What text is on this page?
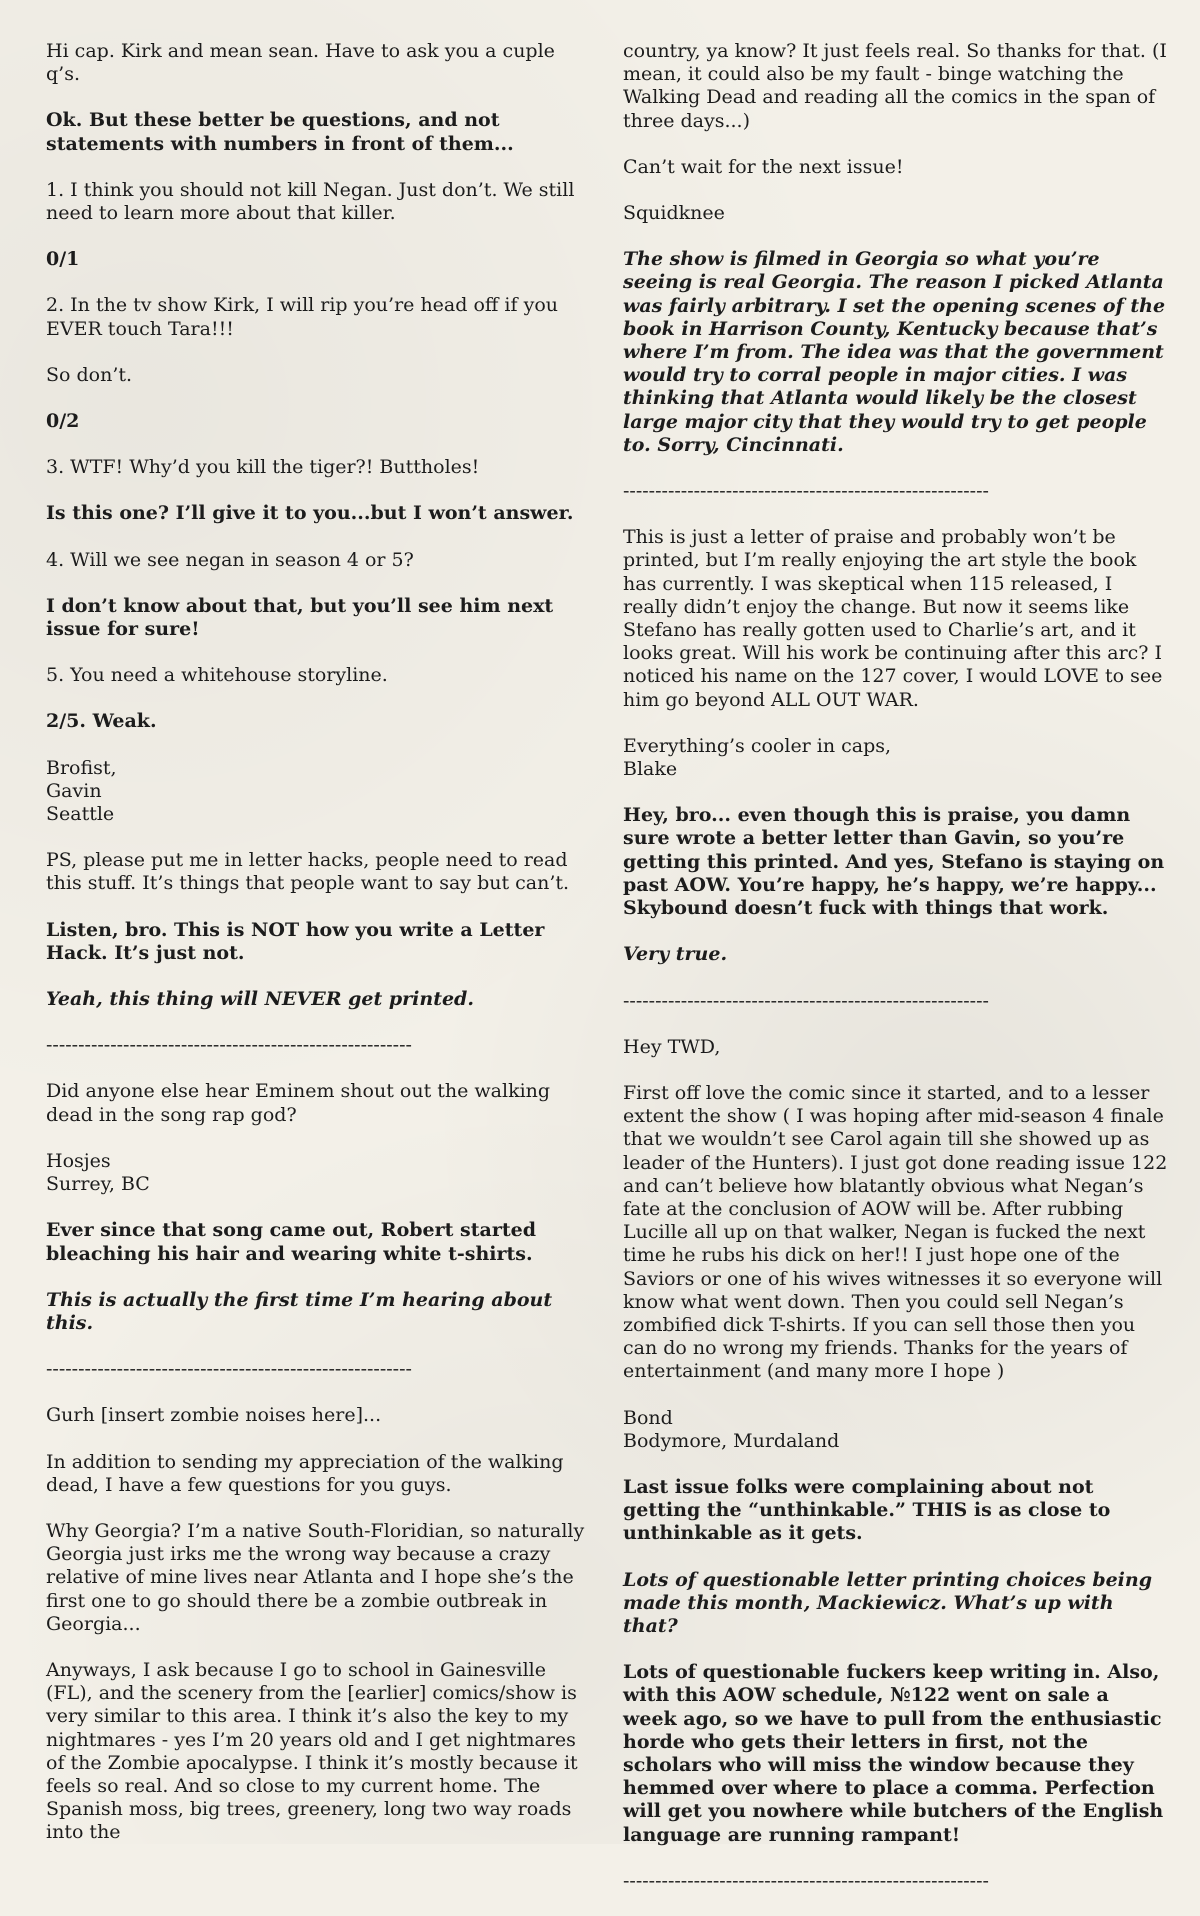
Hi cap. Kirk and mean sean. Have to ask you a cuple q’s.

Ok. But these better be questions, and not statements with numbers in front of them...

1. I think you should not kill Negan. Just don’t. We still need to learn more about that killer.

0/1

2. In the tv show Kirk, I will rip you’re head off if you EVER touch Tara!!!

So don’t.

0/2

3. WTF! Why’d you kill the tiger?! Buttholes!

Is this one? I’ll give it to you...but I won’t answer.

4. Will we see negan in season 4 or 5?

I don’t know about that, but you’ll see him next issue for sure!

5. You need a whitehouse storyline.

2/5. Weak.

Brofist,
Gavin
Seattle

PS, please put me in letter hacks, people need to read this stuff. It’s things that people want to say but can’t.

Listen, bro. This is NOT how you write a Letter Hack. It’s just not.

Yeah, this thing will NEVER get printed.

---------------------------------------------------------

Did anyone else hear Eminem shout out the walking dead in the song rap god?

Hosjes
Surrey, BC

Ever since that song came out, Robert started bleaching his hair and wearing white t-shirts.

This is actually the first time I’m hearing about this.

---------------------------------------------------------

Gurh [insert zombie noises here]...

In addition to sending my appreciation of the walking dead, I have a few questions for you guys.

Why Georgia? I’m a native South-Floridian, so naturally Georgia just irks me the wrong way because a crazy relative of mine lives near Atlanta and I hope she’s the first one to go should there be a zombie outbreak in Georgia...

Anyways, I ask because I go to school in Gainesville (FL), and the scenery from the [earlier] comics/show is very similar to this area. I think it’s also the key to my nightmares - yes I’m 20 years old and I get nightmares of the Zombie apocalypse. I think it’s mostly because it feels so real. And so close to my current home. The Spanish moss, big trees, greenery, long two way roads into the

country, ya know? It just feels real. So thanks for that. (I mean, it could also be my fault - binge watching the Walking Dead and reading all the comics in the span of three days...)

Can’t wait for the next issue!

Squidknee

The show is filmed in Georgia so what you’re seeing is real Georgia. The reason I picked Atlanta was fairly arbitrary. I set the opening scenes of the book in Harrison County, Kentucky because that’s where I’m from. The idea was that the government would try to corral people in major cities. I was thinking that Atlanta would likely be the closest large major city that they would try to get people to. Sorry, Cincinnati.

---------------------------------------------------------

This is just a letter of praise and probably won’t be printed, but I’m really enjoying the art style the book has currently. I was skeptical when 115 released, I really didn’t enjoy the change. But now it seems like Stefano has really gotten used to Charlie’s art, and it looks great. Will his work be continuing after this arc? I noticed his name on the 127 cover, I would LOVE to see him go beyond ALL OUT WAR.

Everything’s cooler in caps,
Blake

Hey, bro... even though this is praise, you damn sure wrote a better letter than Gavin, so you’re getting this printed. And yes, Stefano is staying on past AOW. You’re happy, he’s happy, we’re happy... Skybound doesn’t fuck with things that work.

Very true.

---------------------------------------------------------

Hey TWD,

First off love the comic since it started, and to a lesser extent the show ( I was hoping after mid-season 4 finale that we wouldn’t see Carol again till she showed up as leader of the Hunters). I just got done reading issue 122 and can’t believe how blatantly obvious what Negan’s fate at the conclusion of AOW will be. After rubbing Lucille all up on that walker, Negan is fucked the next time he rubs his dick on her!! I just hope one of the Saviors or one of his wives witnesses it so everyone will know what went down. Then you could sell Negan’s zombified dick T-shirts. If you can sell those then you can do no wrong my friends. Thanks for the years of entertainment (and many more I hope )

Bond
Bodymore, Murdaland

Last issue folks were complaining about not getting the “unthinkable.” THIS is as close to unthinkable as it gets.

Lots of questionable letter printing choices being made this month, Mackiewicz. What’s up with that?

Lots of questionable fuckers keep writing in. Also, with this AOW schedule, №122 went on sale a week ago, so we have to pull from the enthusiastic horde who gets their letters in first, not the scholars who will miss the window because they hemmed over where to place a comma. Perfection will get you nowhere while butchers of the English language are running rampant!

---------------------------------------------------------
